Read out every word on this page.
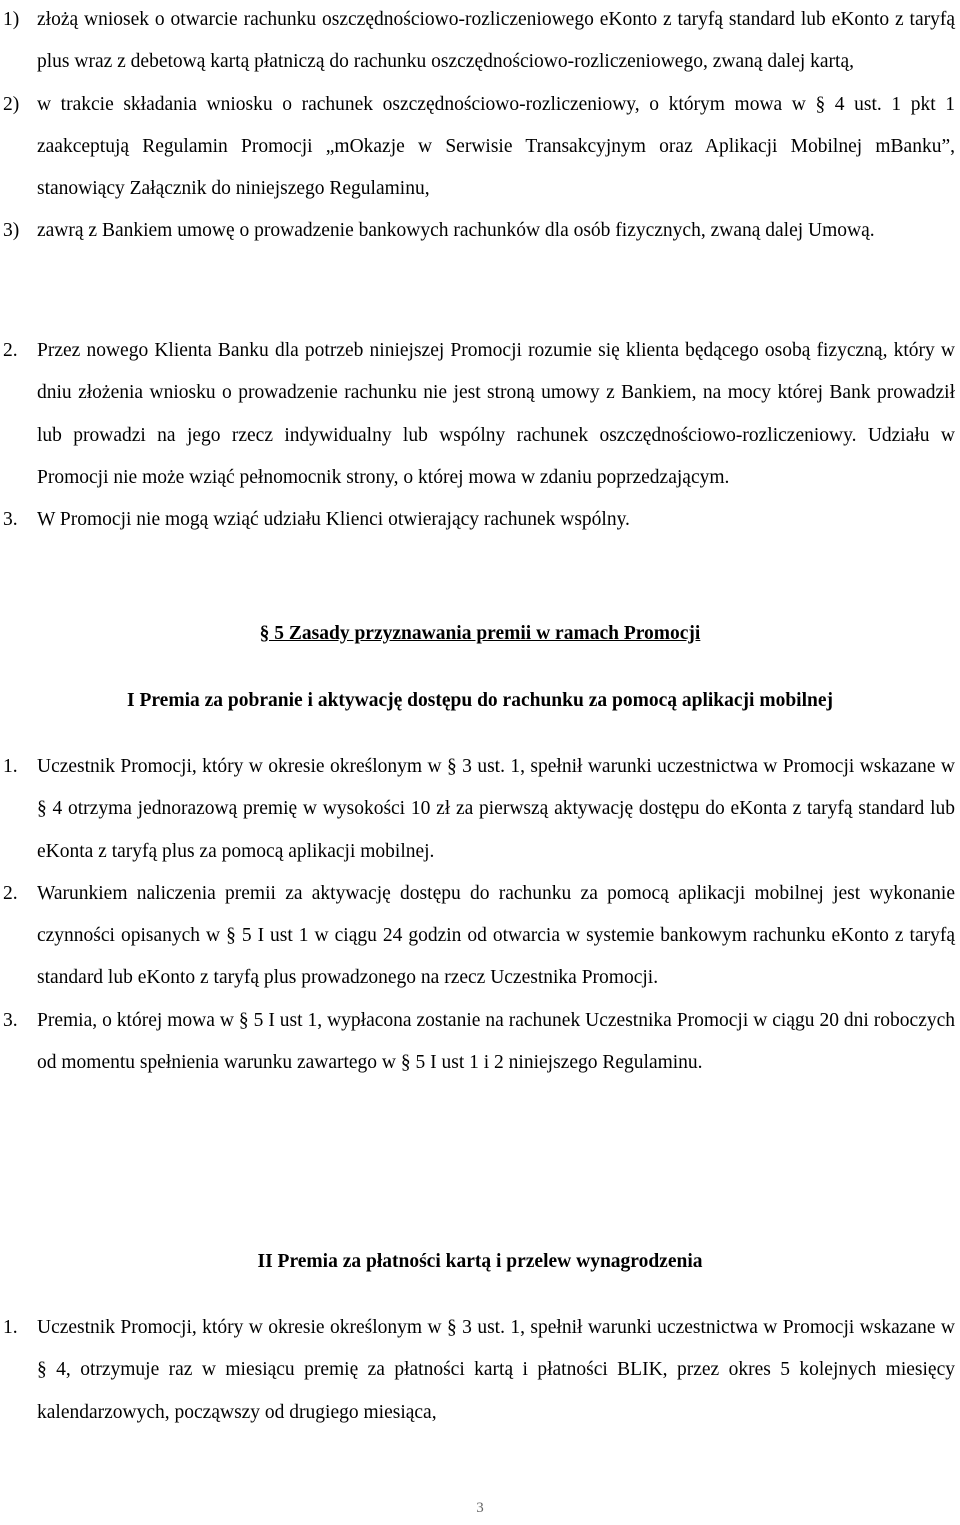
1) złożą wniosek o otwarcie rachunku oszczędnościowo-rozliczeniowego eKonto z taryfą standard lub eKonto z taryfą plus wraz z debetową kartą płatniczą do rachunku oszczędnościowo-rozliczeniowego, zwaną dalej kartą,
2) w trakcie składania wniosku o rachunek oszczędnościowo-rozliczeniowy, o którym mowa w § 4 ust. 1 pkt 1 zaakceptują Regulamin Promocji „mOkazje w Serwisie Transakcyjnym oraz Aplikacji Mobilnej mBanku”, stanowiący Załącznik do niniejszego Regulaminu,
3) zawrą z Bankiem umowę o prowadzenie bankowych rachunków dla osób fizycznych, zwaną dalej Umową.
2. Przez nowego Klienta Banku dla potrzeb niniejszej Promocji rozumie się klienta będącego osobą fizyczną, który w dniu złożenia wniosku o prowadzenie rachunku nie jest stroną umowy z Bankiem, na mocy której Bank prowadził lub prowadzi na jego rzecz indywidualny lub wspólny rachunek oszczędnościowo-rozliczeniowy. Udziału w Promocji nie może wziąć pełnomocnik strony, o której mowa w zdaniu poprzedzającym.
3. W Promocji nie mogą wziąć udziału Klienci otwierający rachunek wspólny.
§ 5 Zasady przyznawania premii w ramach Promocji
I Premia za pobranie i aktywację dostępu do rachunku za pomocą aplikacji mobilnej
1. Uczestnik Promocji, który w okresie określonym w § 3 ust. 1, spełnił warunki uczestnictwa w Promocji wskazane w § 4 otrzyma jednorazową premię w wysokości 10 zł za pierwszą aktywację dostępu do eKonta z taryfą standard lub eKonta z taryfą plus za pomocą aplikacji mobilnej.
2. Warunkiem naliczenia premii za aktywację dostępu do rachunku za pomocą aplikacji mobilnej jest wykonanie czynności opisanych w § 5 I ust 1 w ciągu 24 godzin od otwarcia w systemie bankowym rachunku eKonto z taryfą standard lub eKonto z taryfą plus prowadzonego na rzecz Uczestnika Promocji.
3. Premia, o której mowa w § 5 I ust 1, wypłacona zostanie na rachunek Uczestnika Promocji w ciągu 20 dni roboczych od momentu spełnienia warunku zawartego w § 5 I ust 1 i 2 niniejszego Regulaminu.
II Premia za płatności kartą i przelew wynagrodzenia
1. Uczestnik Promocji, który w okresie określonym w § 3 ust. 1, spełnił warunki uczestnictwa w Promocji wskazane w § 4, otrzymuje raz w miesiącu premię za płatności kartą i płatności BLIK, przez okres 5 kolejnych miesięcy kalendarzowych, począwszy od drugiego miesiąca,
3
